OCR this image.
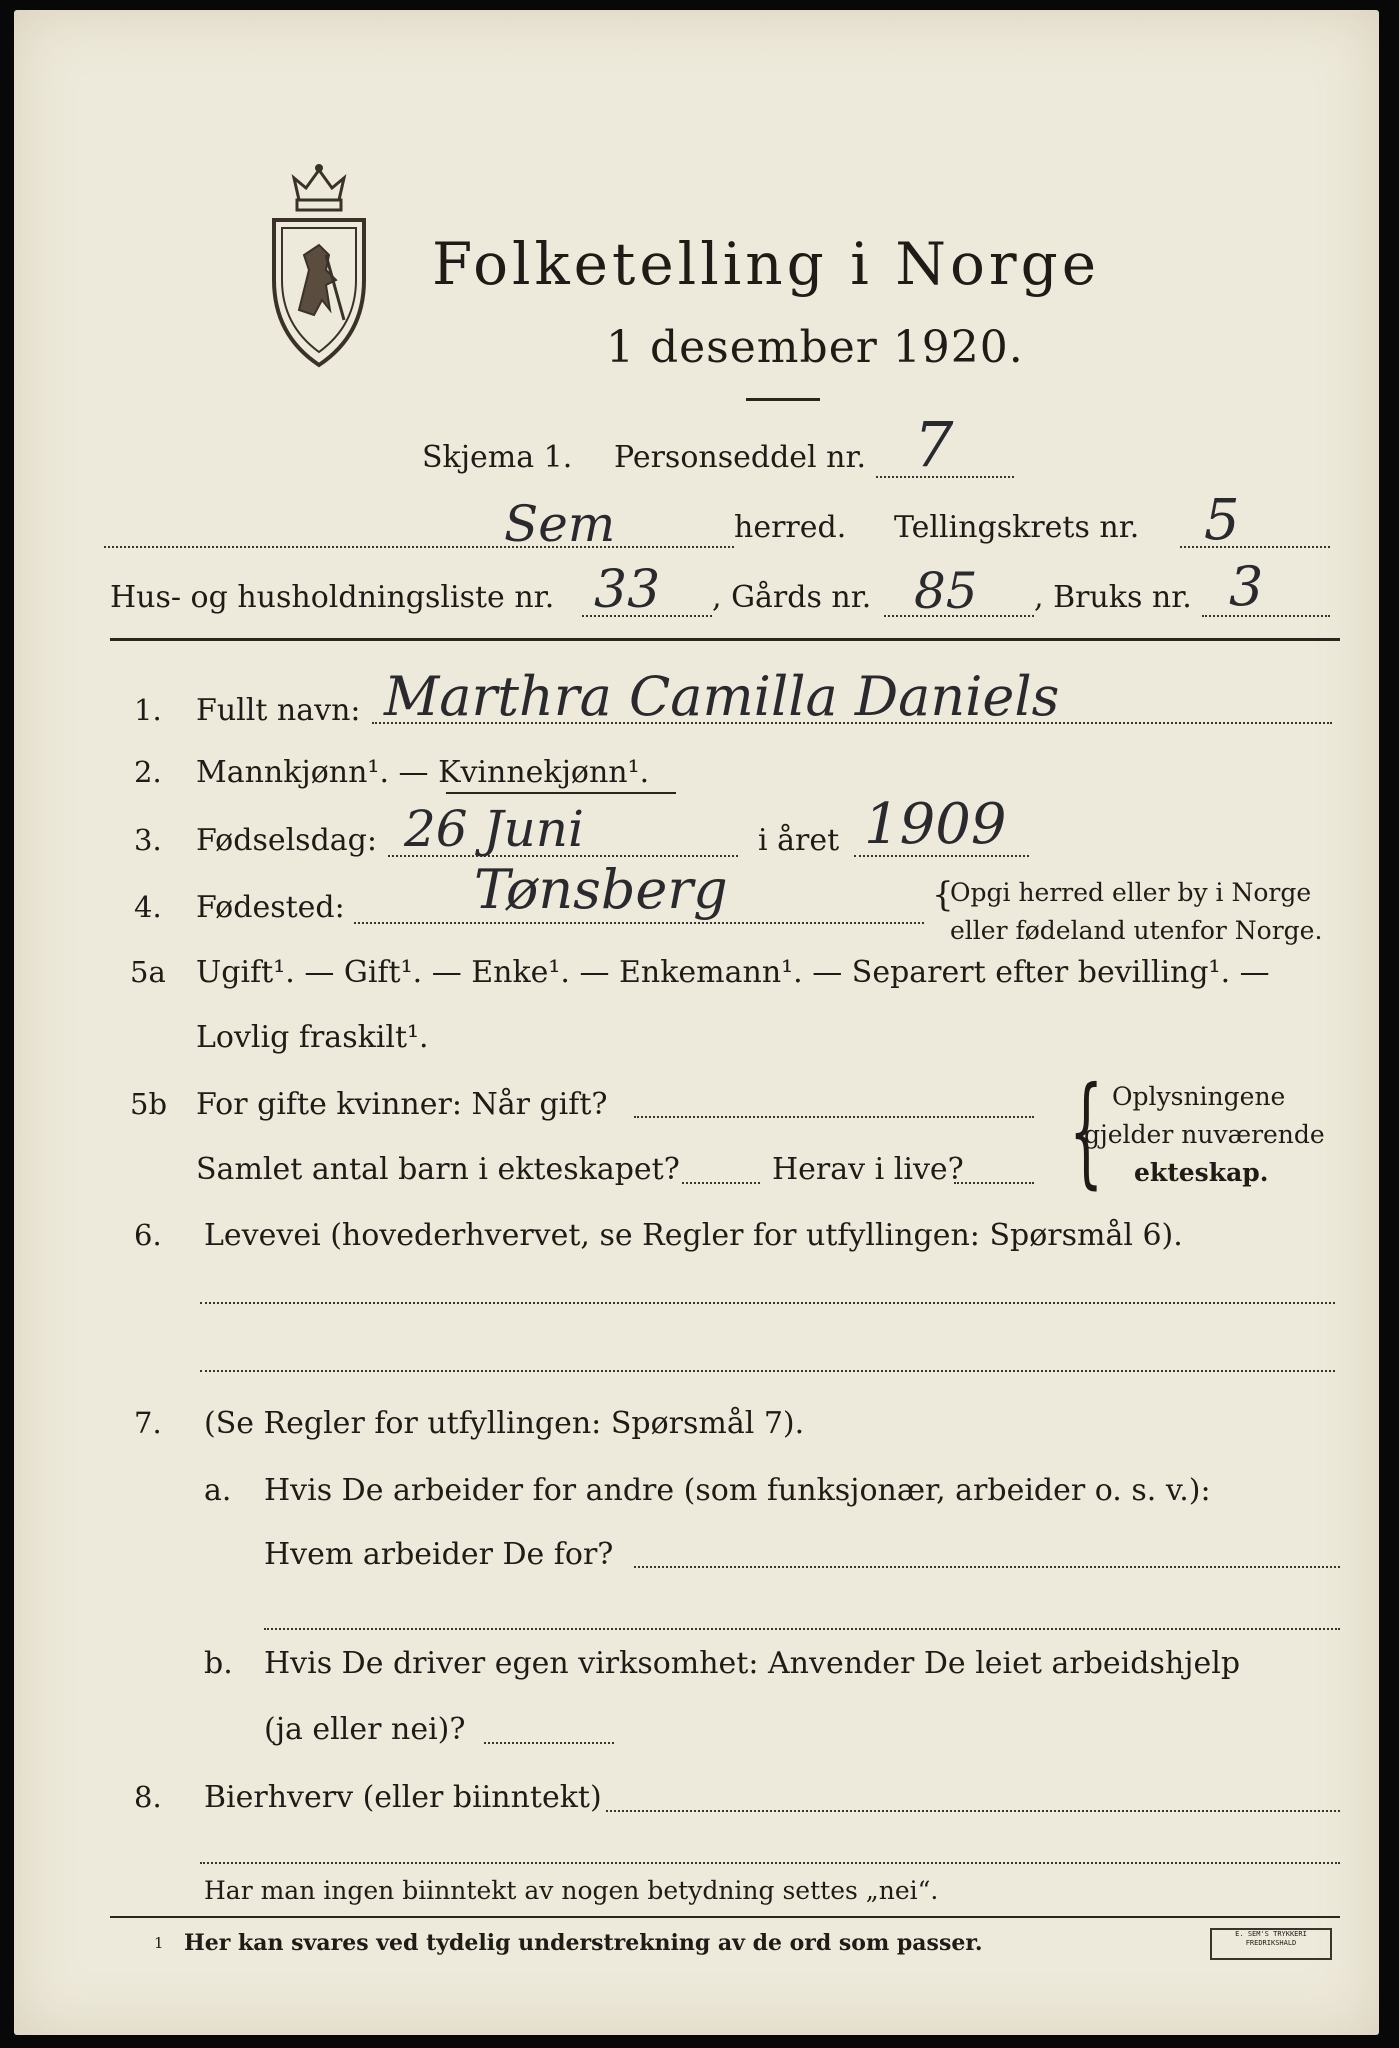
Folketelling i Norge
1 desember 1920.
Skjema 1. Personseddel nr. 7
Sem	herred. Tellingskrets nr. 5
Hus- og husholdningsliste nr. 33 , Gårds nr. 85 , Bruks nr. 3
1. Fullt navn: Marthra Camilla Daniels
2. Mannkjønn¹. — Kvinnekjønn¹.
3. Fødselsdag: 26 Juni	i året 1909
4. Fødested: Tønsberg	{
Opgi herred eller by i Norge
eller fødeland utenfor Norge.
5a Ugift¹. — Gift¹. — Enke¹. — Enkemann¹. — Separert efter bevilling¹. —
Lovlig fraskilt¹.
5b For gifte kvinner: Når gift?
Samlet antal barn i ekteskapet?	Herav i live? { Oplysningene
gjelder nuværende
ekteskap.
6. Levevei (hovederhvervet, se Regler for utfyllingen: Spørsmål 6).
7. (Se Regler for utfyllingen: Spørsmål 7).
a. Hvis De arbeider for andre (som funksjonær, arbeider o. s. v.):
Hvem arbeider De for?
b. Hvis De driver egen virksomhet: Anvender De leiet arbeidshjelp
(ja eller nei)?
8. Bierhverv (eller biinntekt)
Har man ingen biinntekt av nogen betydning settes „nei“.
1 Her kan svares ved tydelig understrekning av de ord som passer.	E. SEM'S TRYKKERI FREDRIKSHALD
